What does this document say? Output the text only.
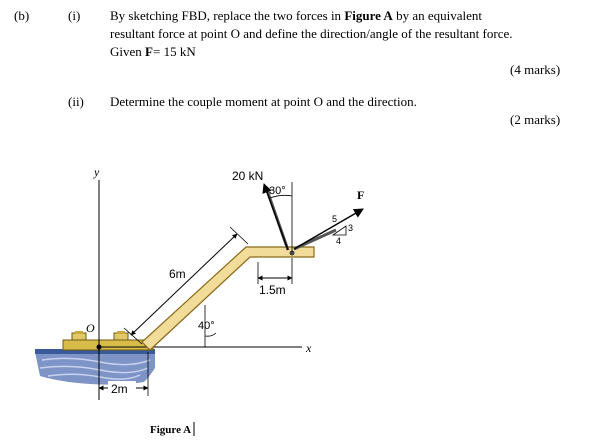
(b)	(i) By sketching FBD, replace the two forces in Figure A by an equivalent
resultant force at point O and define the direction/angle of the resultant force.
Given F= 15 kN
(4 marks)
(ii) Determine the couple moment at point O and the direction.
(2 marks)
y
x
O
20 kN
30°	F
6m
1.5m
40°
2m
5
3
4
Figure A
